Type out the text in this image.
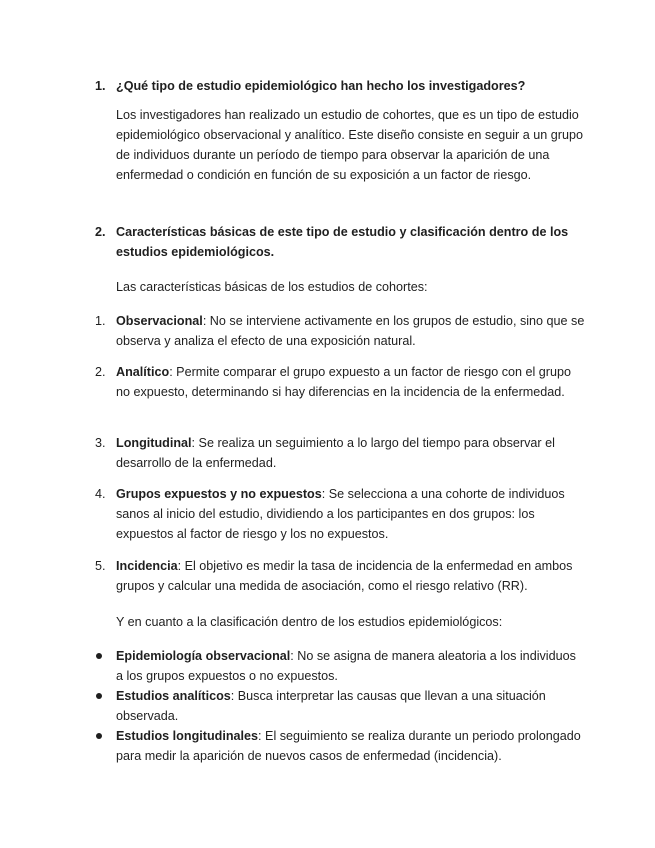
1. ¿Qué tipo de estudio epidemiológico han hecho los investigadores?
Los investigadores han realizado un estudio de cohortes, que es un tipo de estudio epidemiológico observacional y analítico. Este diseño consiste en seguir a un grupo de individuos durante un período de tiempo para observar la aparición de una enfermedad o condición en función de su exposición a un factor de riesgo.
2. Características básicas de este tipo de estudio y clasificación dentro de los estudios epidemiológicos.
Las características básicas de los estudios de cohortes:
1. Observacional: No se interviene activamente en los grupos de estudio, sino que se observa y analiza el efecto de una exposición natural.
2. Analítico: Permite comparar el grupo expuesto a un factor de riesgo con el grupo no expuesto, determinando si hay diferencias en la incidencia de la enfermedad.
3. Longitudinal: Se realiza un seguimiento a lo largo del tiempo para observar el desarrollo de la enfermedad.
4. Grupos expuestos y no expuestos: Se selecciona a una cohorte de individuos sanos al inicio del estudio, dividiendo a los participantes en dos grupos: los expuestos al factor de riesgo y los no expuestos.
5. Incidencia: El objetivo es medir la tasa de incidencia de la enfermedad en ambos grupos y calcular una medida de asociación, como el riesgo relativo (RR).
Y en cuanto a la clasificación dentro de los estudios epidemiológicos:
Epidemiología observacional: No se asigna de manera aleatoria a los individuos a los grupos expuestos o no expuestos.
Estudios analíticos: Busca interpretar las causas que llevan a una situación observada.
Estudios longitudinales: El seguimiento se realiza durante un periodo prolongado para medir la aparición de nuevos casos de enfermedad (incidencia).
